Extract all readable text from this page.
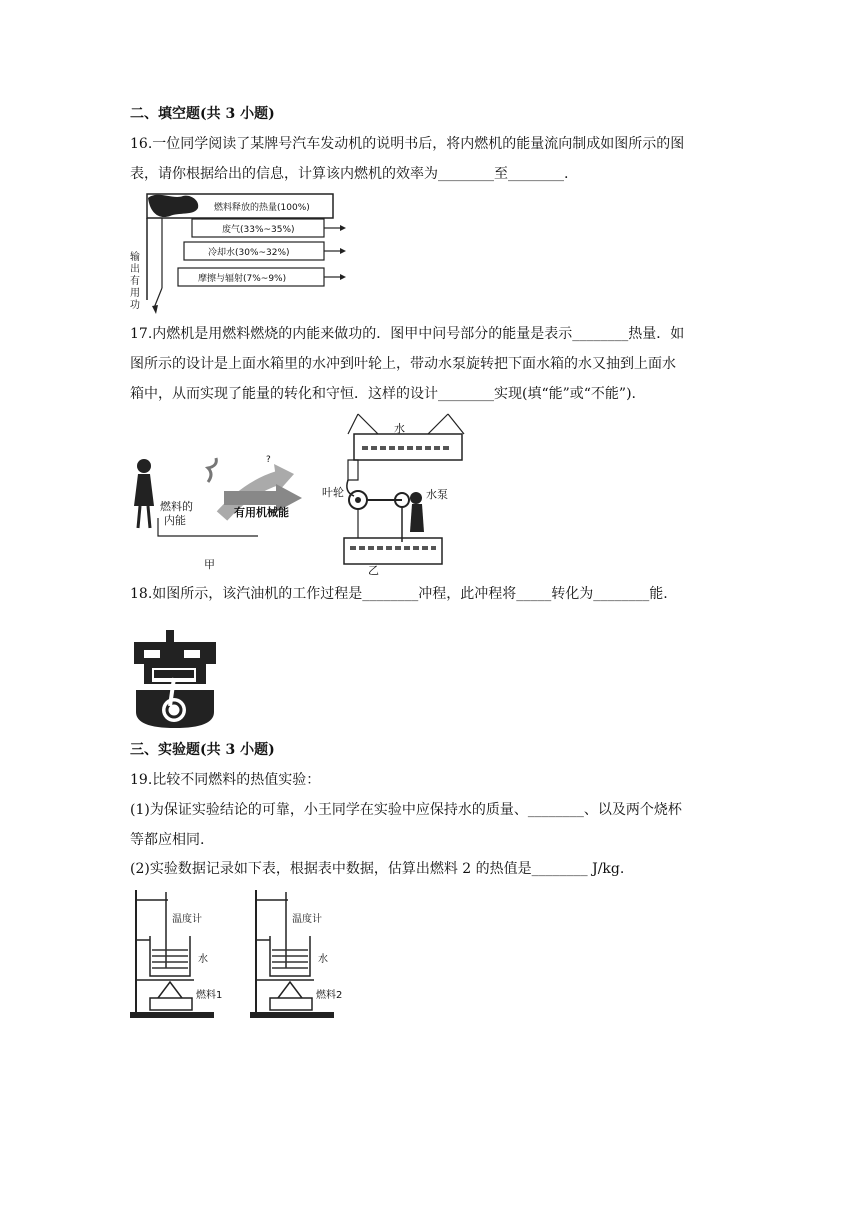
二、填空题(共 3 小题)
16.一位同学阅读了某牌号汽车发动机的说明书后，将内燃机的能量流向制成如图所示的图
表，请你根据给出的信息，计算该内燃机的效率为________至________.
燃料释放的热量(100%)
废气(33%~35%)
冷却水(30%~32%)
摩擦与辐射(7%~9%)
输
出
有
用
功
17.内燃机是用燃料燃烧的内能来做功的．图甲中问号部分的能量是表示________热量．如
图所示的设计是上面水箱里的水冲到叶轮上，带动水泵旋转把下面水箱的水又抽到上面水
箱中，从而实现了能量的转化和守恒．这样的设计________实现(填“能”或“不能”).
燃料的
内能
?
有用机械能
甲
水
叶轮	水泵
乙
18.如图所示，该汽油机的工作过程是________冲程，此冲程将_____转化为________能.
三、实验题(共 3 小题)
19.比较不同燃料的热值实验：
(1)为保证实验结论的可靠，小王同学在实验中应保持水的质量、________、以及两个烧杯
等都应相同.
(2)实验数据记录如下表，根据表中数据，估算出燃料 2 的热值是________ J/kg.
温度计
水
燃料1
温度计
水
燃料2
